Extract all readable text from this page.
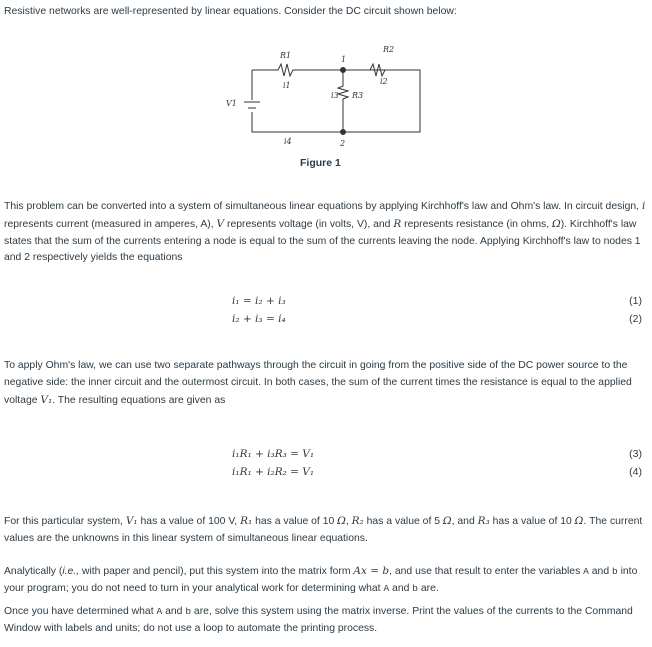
Resistive networks are well-represented by linear equations. Consider the DC circuit shown below:
R1
R2
R3
V1
i1	i2
i3
i4
1
2
Figure 1
This problem can be converted into a system of simultaneous linear equations by applying Kirchhoff's law and Ohm's law. In circuit design, i represents current (measured in amperes, A), V represents voltage (in volts, V), and R represents resistance (in ohms, Ω). Kirchhoff's law states that the sum of the currents entering a node is equal to the sum of the currents leaving the node. Applying Kirchhoff's law to nodes 1 and 2 respectively yields the equations
i₁ = i₂ + i₃	(1)
i₂ + i₃ = i₄	(2)
To apply Ohm's law, we can use two separate pathways through the circuit in going from the positive side of the DC power source to the negative side: the inner circuit and the outermost circuit. In both cases, the sum of the current times the resistance is equal to the applied voltage V₁. The resulting equations are given as
i₁R₁ + i₃R₃ = V₁	(3)
i₁R₁ + i₂R₂ = V₁	(4)
For this particular system, V₁ has a value of 100 V, R₁ has a value of 10 Ω, R₂ has a value of 5 Ω, and R₃ has a value of 10 Ω. The current values are the unknowns in this linear system of simultaneous linear equations.
Analytically (i.e., with paper and pencil), put this system into the matrix form Ax = b, and use that result to enter the variables A and b into your program; you do not need to turn in your analytical work for determining what A and b are.
Once you have determined what A and b are, solve this system using the matrix inverse. Print the values of the currents to the Command Window with labels and units; do not use a loop to automate the printing process.
